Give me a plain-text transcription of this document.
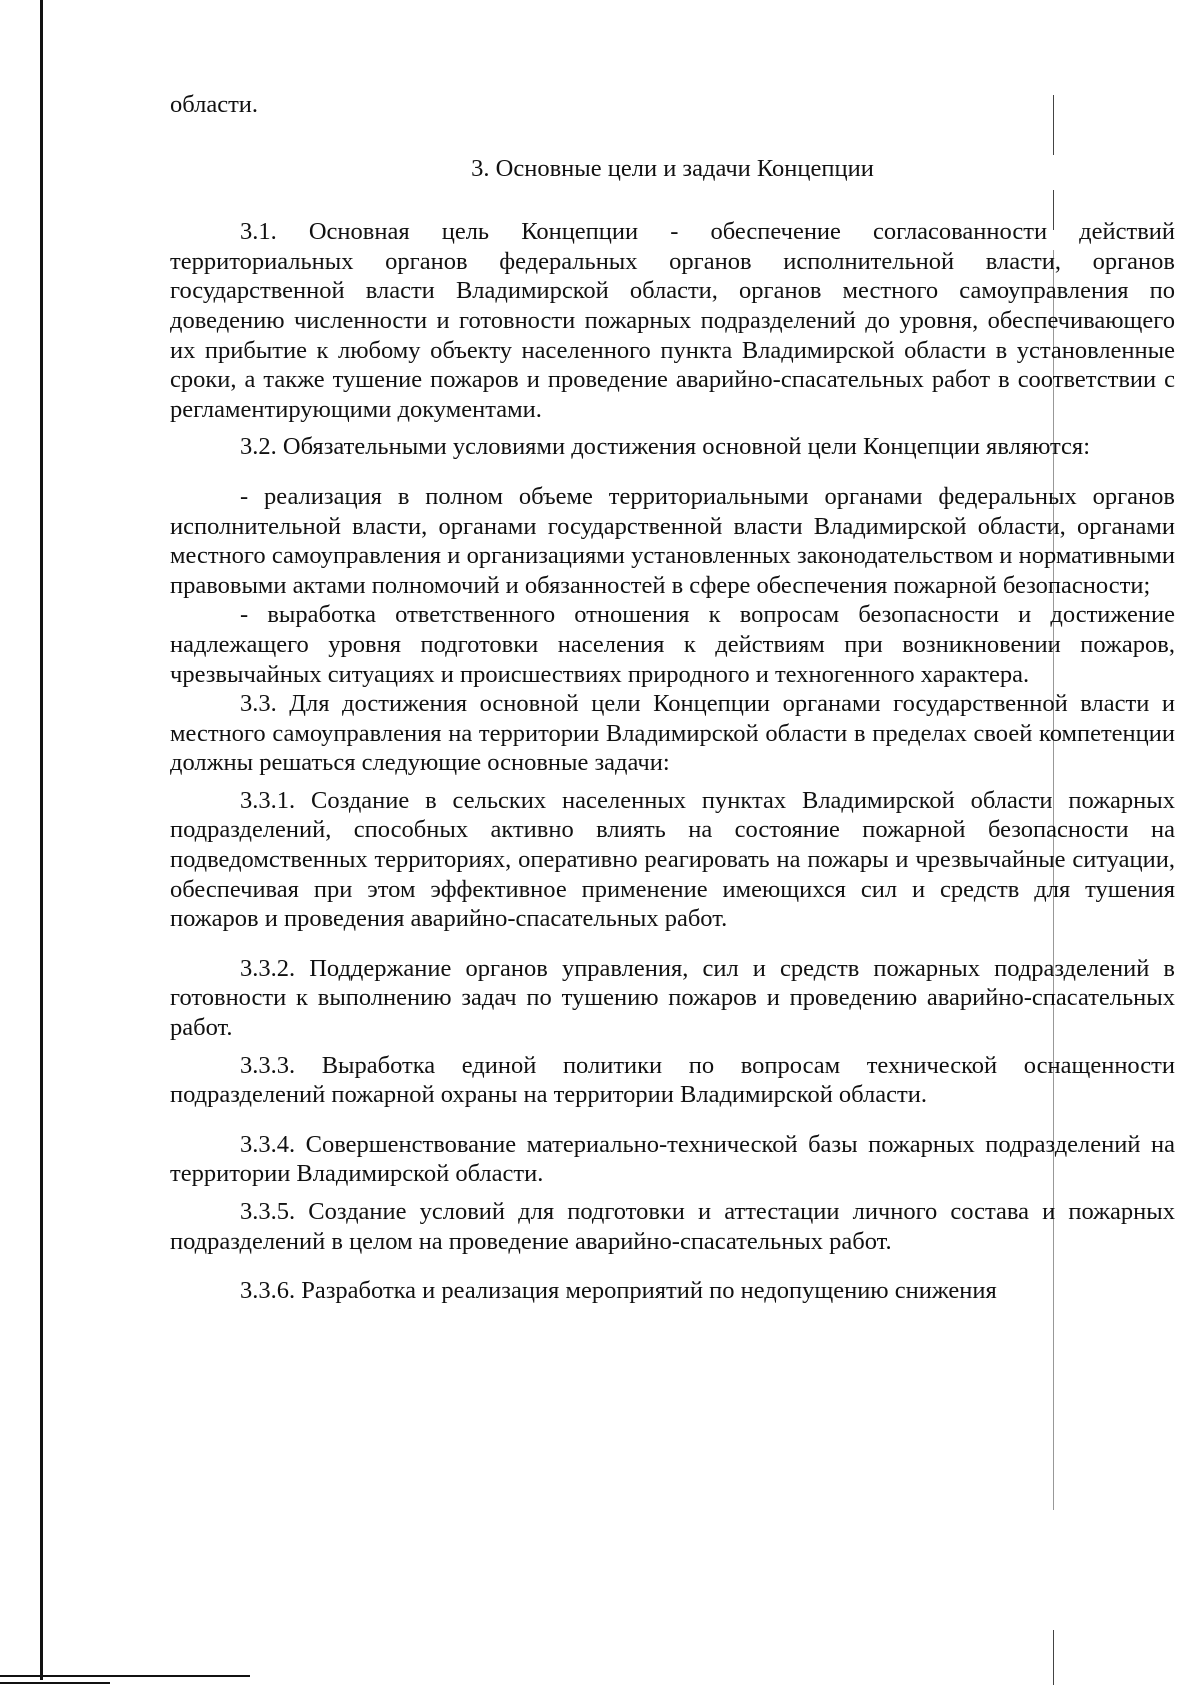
области.

3. Основные цели и задачи Концепции

3.1. Основная цель Концепции - обеспечение согласованности действий территориальных органов федеральных органов исполнительной власти, органов государственной власти Владимирской области, органов местного самоуправления по доведению численности и готовности пожарных подразделений до уровня, обеспечивающего их прибытие к любому объекту населенного пункта Владимирской области в установленные сроки, а также тушение пожаров и проведение аварийно-спасательных работ в соответствии с регламентирующими документами.

3.2. Обязательными условиями достижения основной цели Концепции являются:

- реализация в полном объеме территориальными органами федеральных органов исполнительной власти, органами государственной власти Владимирской области, органами местного самоуправления и организациями установленных законодательством и нормативными правовыми актами полномочий и обязанностей в сфере обеспечения пожарной безопасности;

- выработка ответственного отношения к вопросам безопасности и достижение надлежащего уровня подготовки населения к действиям при возникновении пожаров, чрезвычайных ситуациях и происшествиях природного и техногенного характера.

3.3. Для достижения основной цели Концепции органами государственной власти и местного самоуправления на территории Владимирской области в пределах своей компетенции должны решаться следующие основные задачи:

3.3.1. Создание в сельских населенных пунктах Владимирской области пожарных подразделений, способных активно влиять на состояние пожарной безопасности на подведомственных территориях, оперативно реагировать на пожары и чрезвычайные ситуации, обеспечивая при этом эффективное применение имеющихся сил и средств для тушения пожаров и проведения аварийно-спасательных работ.

3.3.2. Поддержание органов управления, сил и средств пожарных подразделений в готовности к выполнению задач по тушению пожаров и проведению аварийно-спасательных работ.

3.3.3. Выработка единой политики по вопросам технической оснащенности подразделений пожарной охраны на территории Владимирской области.

3.3.4. Совершенствование материально-технической базы пожарных подразделений на территории Владимирской области.

3.3.5. Создание условий для подготовки и аттестации личного состава и пожарных подразделений в целом на проведение аварийно-спасательных работ.

3.3.6. Разработка и реализация мероприятий по недопущению снижения
